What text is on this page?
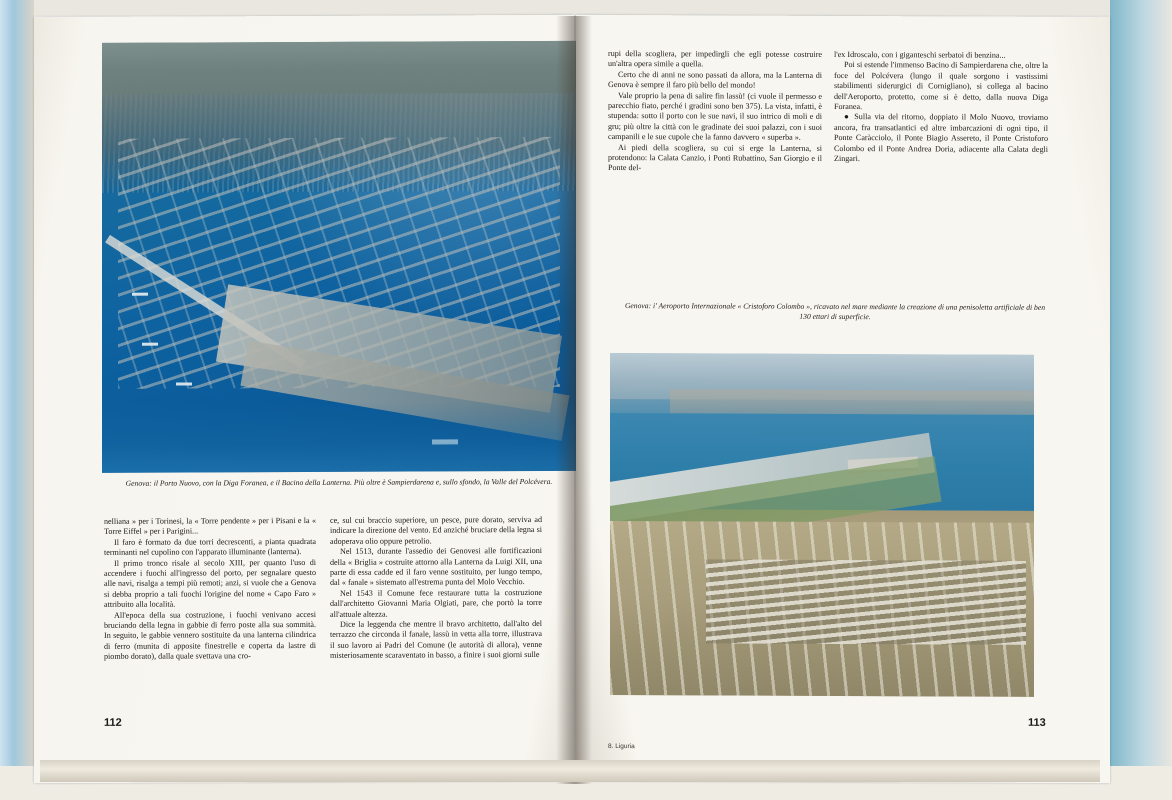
Genova: il Porto Nuovo, con la Diga Foranea, e il Bacino della Lanterna. Più oltre è Sampierdarena e, sullo sfondo, la Valle del Polcévera.

nelliana » per i Torinesi, la « Torre pendente » per i Pisani e la « Torre Eiffel » per i Parigini...

Il faro è formato da due torri decrescenti, a pianta quadrata terminanti nel cupolino con l'apparato illuminante (lanterna).

Il primo tronco risale al secolo XIII, per quanto l'uso di accendere i fuochi all'ingresso del porto, per segnalare questo alle navi, risalga a tempi più remoti; anzi, si vuole che a Genova si debba proprio a tali fuochi l'origine del nome « Capo Faro » attribuito alla località.

All'epoca della sua costruzione, i fuochi venivano accesi bruciando della legna in gabbie di ferro poste alla sua sommità. In seguito, le gabbie vennero sostituite da una lanterna cilindrica di ferro (munita di apposite finestrelle e coperta da lastre di piombo dorato), dalla quale svettava una cro-

ce, sul cui braccio superiore, un pesce, pure dorato, serviva ad indicare la direzione del vento. Ed anziché bruciare della legna si adoperava olio oppure petrolio.

Nel 1513, durante l'assedio dei Genovesi alle fortificazioni della « Briglia » costruite attorno alla Lanterna da Luigi XII, una parte di essa cadde ed il faro venne sostituito, per lungo tempo, dal « fanale » sistemato all'estrema punta del Molo Vecchio.

Nel 1543 il Comune fece restaurare tutta la costruzione dall'architetto Giovanni Maria Olgiati, pare, che portò la torre all'attuale altezza.

Dice la leggenda che mentre il bravo architetto, dall'alto del terrazzo che circonda il fanale, lassù in vetta alla torre, illustrava il suo lavoro ai Padri del Comune (le autorità di allora), venne misteriosamente scaraventato in basso, a finire i suoi giorni sulle

112

rupi della scogliera, per impedirgli che egli potesse costruire un'altra opera simile a quella.

Certo che di anni ne sono passati da allora, ma la Lanterna di Genova è sempre il faro più bello del mondo!

Vale proprio la pena di salire fin lassù! (ci vuole il permesso e parecchio fiato, perché i gradini sono ben 375). La vista, infatti, è stupenda: sotto il porto con le sue navi, il suo intrico di moli e di gru; più oltre la città con le gradinate dei suoi palazzi, con i suoi campanili e le sue cupole che la fanno davvero « superba ».

Ai piedi della scogliera, su cui si erge la Lanterna, si protendono: la Calata Canzio, i Ponti Rubattino, San Giorgio e il Ponte del-

l'ex Idroscalo, con i giganteschi serbatoi di benzina...

Poi si estende l'immenso Bacino di Sampierdarena che, oltre la foce del Polcévera (lungo il quale sorgono i vastissimi stabilimenti siderurgici di Cornigliano), si collega al bacino dell'Aeroporto, protetto, come si è detto, dalla nuova Diga Foranea.

● Sulla via del ritorno, doppiato il Molo Nuovo, troviamo ancora, fra transatlantici ed altre imbarcazioni di ogni tipo, il Ponte Caràcciolo, il Ponte Biagio Assereto, il Ponte Cristoforo Colombo ed il Ponte Andrea Doria, adiacente alla Calata degli Zingari.

Genova: i' Aeroporto Internazionale « Cristoforo Colombo », ricavato nel mare mediante la creazione di una penisoletta artificiale di ben 130 ettari di superficie.
113
8. Liguria
